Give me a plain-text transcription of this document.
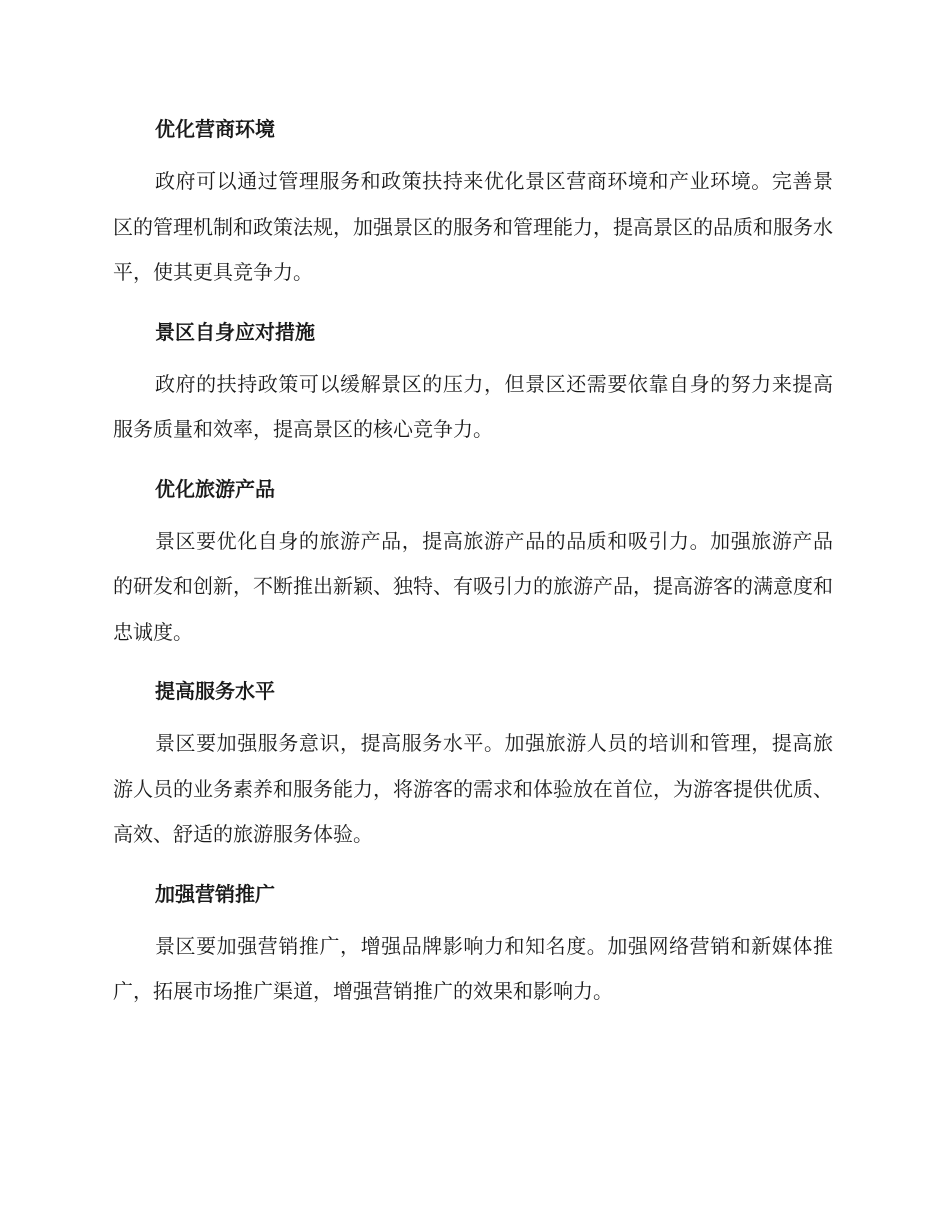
优化营商环境

政府可以通过管理服务和政策扶持来优化景区营商环境和产业环境。完善景区的管理机制和政策法规，加强景区的服务和管理能力，提高景区的品质和服务水平，使其更具竞争力。

景区自身应对措施

政府的扶持政策可以缓解景区的压力，但景区还需要依靠自身的努力来提高服务质量和效率，提高景区的核心竞争力。

优化旅游产品

景区要优化自身的旅游产品，提高旅游产品的品质和吸引力。加强旅游产品的研发和创新，不断推出新颖、独特、有吸引力的旅游产品，提高游客的满意度和忠诚度。

提高服务水平

景区要加强服务意识，提高服务水平。加强旅游人员的培训和管理，提高旅游人员的业务素养和服务能力，将游客的需求和体验放在首位，为游客提供优质、高效、舒适的旅游服务体验。

加强营销推广

景区要加强营销推广，增强品牌影响力和知名度。加强网络营销和新媒体推广，拓展市场推广渠道，增强营销推广的效果和影响力。
